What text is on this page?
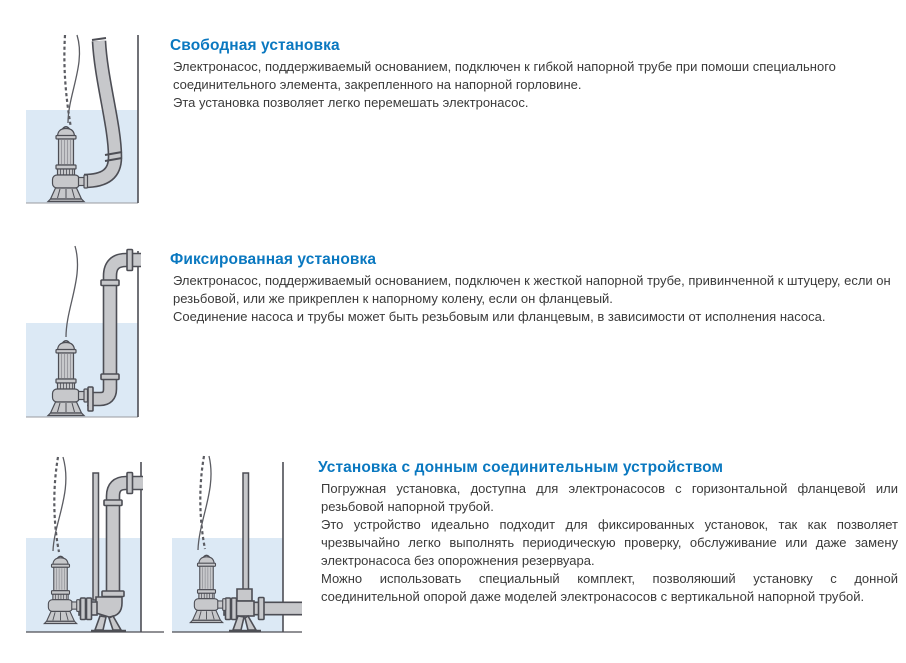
Свободная установка

Электронасос, поддерживаемый основанием, подключен к гибкой напорной трубе при помоши специального соединительного элемента, закрепленного на напорной горловине.

Эта установка позволяет легко перемешать электронасос.

Фиксированная установка

Электронасос, поддерживаемый основанием, подключен к жесткой напорной трубе, привинченной к штуцеру, если он резьбовой, или же прикреплен к напорному колену, если он фланцевый.

Соединение насоса и трубы может быть резьбовым или фланцевым, в зависимости от исполнения насоса.

Установка с донным соединительным устройством

Погружная установка, доступна для электронасосов с горизонтальной фланцевой или резьбовой напорной трубой.

Это устройство идеально подходит для фиксированных установок, так как позволяет чрезвычайно легко выполнять периодическую проверку, обслуживание или даже замену электронасоса без опорожнения резервуара.

Можно использовать специальный комплект, позволяюший установку с донной соединительной опорой даже моделей электронасосов с вертикальной напорной трубой.
